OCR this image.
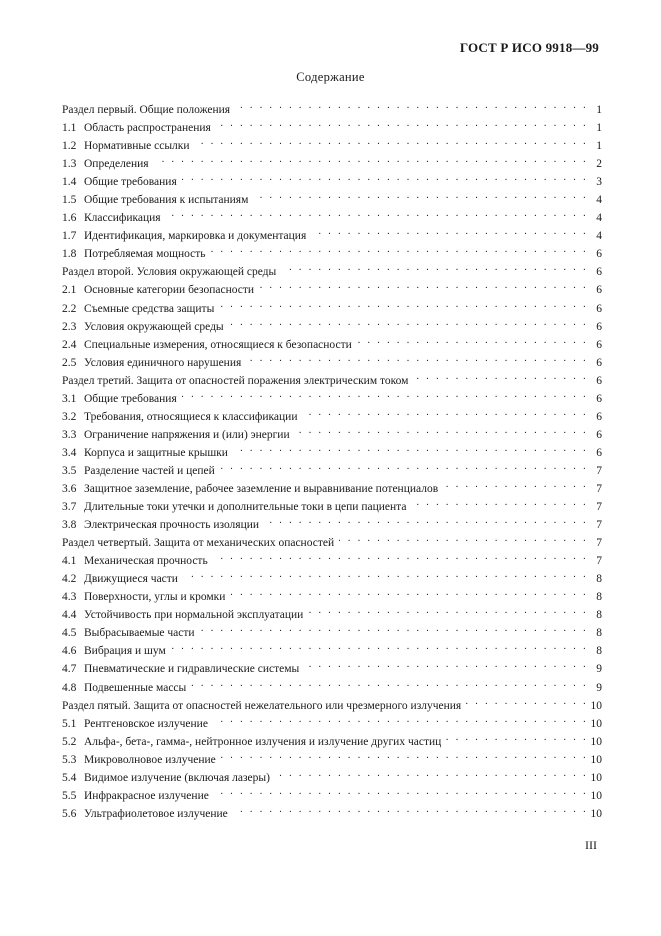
ГОСТ Р ИСО 9918—99
Содержание
Раздел первый. Общие положения . . .	1
1.1 Область распространения . . .	1
1.2 Нормативные ссылки . . .	1
1.3 Определения . . .	2
1.4 Общие требования . . .	3
1.5 Общие требования к испытаниям . . .	4
1.6 Классификация . . .	4
1.7 Идентификация, маркировка и документация . . .	4
1.8 Потребляемая мощность . . .	6
Раздел второй. Условия окружающей среды . . .	6
2.1 Основные категории безопасности . . .	6
2.2 Съемные средства защиты . . .	6
2.3 Условия окружающей среды . . .	6
2.4 Специальные измерения, относящиеся к безопасности . . .	6
2.5 Условия единичного нарушения . . .	6
Раздел третий. Защита от опасностей поражения электрическим током . . .	6
3.1 Общие требования . . .	6
3.2 Требования, относящиеся к классификации . . .	6
3.3 Ограничение напряжения и (или) энергии . . .	6
3.4 Корпуса и защитные крышки . . .	6
3.5 Разделение частей и цепей . . .	7
3.6 Защитное заземление, рабочее заземление и выравнивание потенциалов . . .	7
3.7 Длительные токи утечки и дополнительные токи в цепи пациента . . .	7
3.8 Электрическая прочность изоляции . . .	7
Раздел четвертый. Защита от механических опасностей . . .	7
4.1 Механическая прочность . . .	7
4.2 Движущиеся части . . .	8
4.3 Поверхности, углы и кромки . . .	8
4.4 Устойчивость при нормальной эксплуатации . . .	8
4.5 Выбрасываемые части . . .	8
4.6 Вибрация и шум . . .	8
4.7 Пневматические и гидравлические системы . . .	9
4.8 Подвешенные массы . . .	9
Раздел пятый. Защита от опасностей нежелательного или чрезмерного излучения . . .	10
5.1 Рентгеновское излучение . . .	10
5.2 Альфа-, бета-, гамма-, нейтронное излучения и излучение других частиц . . .	10
5.3 Микроволновое излучение . . .	10
5.4 Видимое излучение (включая лазеры) . . .	10
5.5 Инфракрасное излучение . . .	10
5.6 Ультрафиолетовое излучение . . .	10
III
